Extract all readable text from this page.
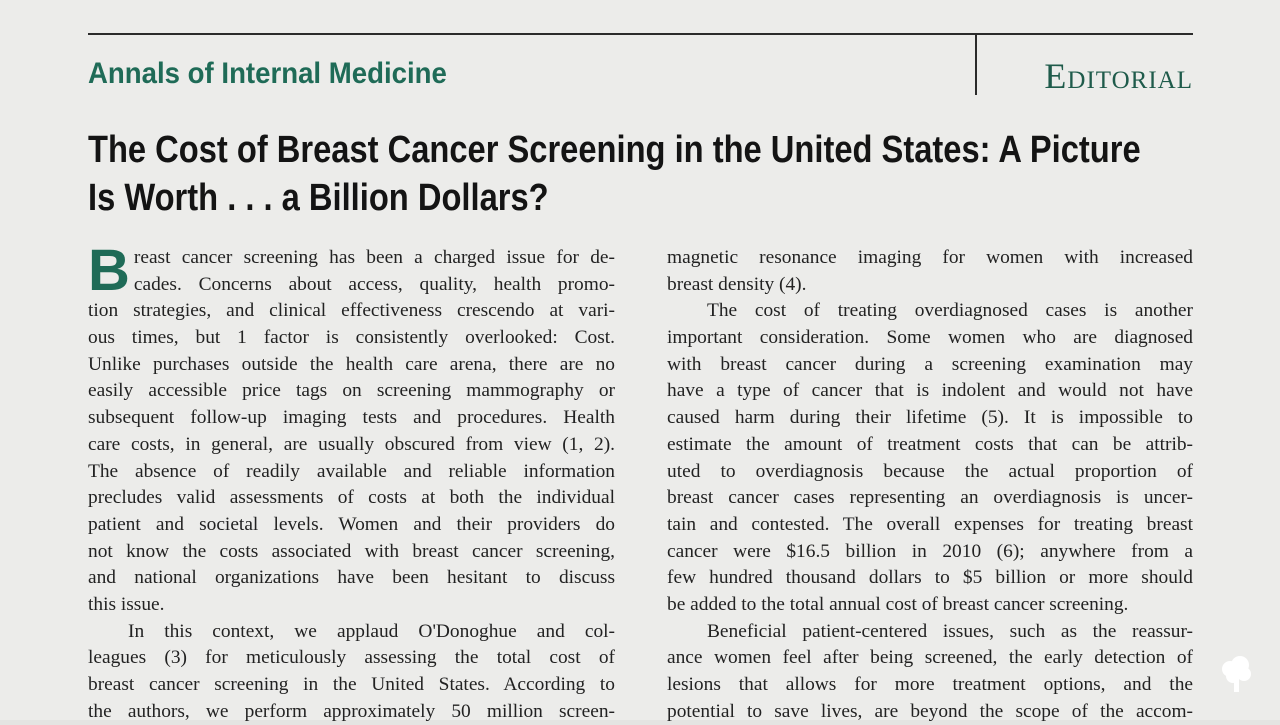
Annals of Internal Medicine	Editorial
The Cost of Breast Cancer Screening in the United States: A Picture
Is Worth . . . a Billion Dollars?
B reast cancer screening has been a charged issue for de-
cades. Concerns about access, quality, health promo-
tion strategies, and clinical effectiveness crescendo at vari-
ous times, but 1 factor is consistently overlooked: Cost.
Unlike purchases outside the health care arena, there are no
easily accessible price tags on screening mammography or
subsequent follow-up imaging tests and procedures. Health
care costs, in general, are usually obscured from view (1, 2).
The absence of readily available and reliable information
precludes valid assessments of costs at both the individual
patient and societal levels. Women and their providers do
not know the costs associated with breast cancer screening,
and national organizations have been hesitant to discuss
this issue.
In this context, we applaud O'Donoghue and col-
leagues (3) for meticulously assessing the total cost of
breast cancer screening in the United States. According to
the authors, we perform approximately 50 million screen-
magnetic resonance imaging for women with increased
breast density (4).
The cost of treating overdiagnosed cases is another
important consideration. Some women who are diagnosed
with breast cancer during a screening examination may
have a type of cancer that is indolent and would not have
caused harm during their lifetime (5). It is impossible to
estimate the amount of treatment costs that can be attrib-
uted to overdiagnosis because the actual proportion of
breast cancer cases representing an overdiagnosis is uncer-
tain and contested. The overall expenses for treating breast
cancer were $16.5 billion in 2010 (6); anywhere from a
few hundred thousand dollars to $5 billion or more should
be added to the total annual cost of breast cancer screening.
Beneficial patient-centered issues, such as the reassur-
ance women feel after being screened, the early detection of
lesions that allows for more treatment options, and the
potential to save lives, are beyond the scope of the accom-
